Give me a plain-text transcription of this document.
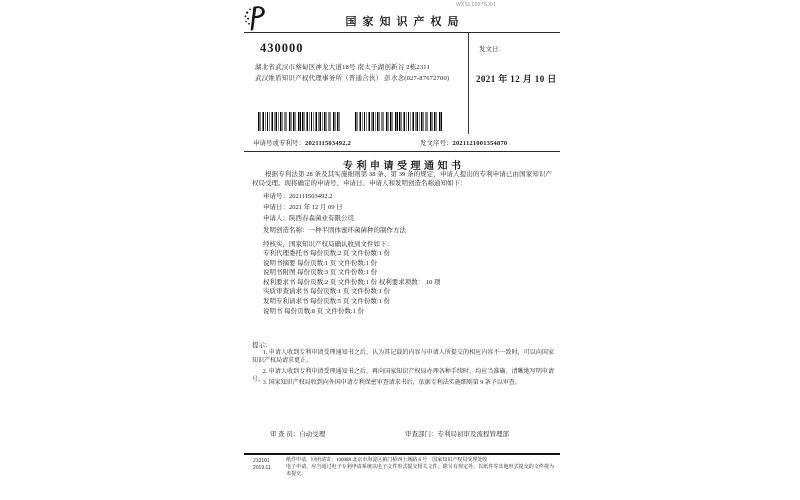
国家知识产权局
WXSL1207SJ01
430000
湖北省武汉市蔡甸区神龙大道18号 南太子湖创新谷 2栋2311
武汉维盾知识产权代理事务所（普通合伙） 彭水念(027-87672700)
发文日：
2021 年 12 月 10 日
申请号或专利号：202111503492.2	发文序号：2021121001354870
专利申请受理通知书
根据专利法第 28 条及其实施细则第 38 条、第 39 条的规定，申请人提出的专利申请已由国家知识产权局受理。现将确定的申请号、申请日、申请人和发明创造名称通知如下：
申请号：202111503492.2
申请日：2021 年 12 月 09 日
申请人：陕西春森菌业有限公司
发明创造名称：一种半固体蜜环菌菌种的制作方法
经核实，国家知识产权局确认收到文件如下：
专利代理委托书 每份页数:2 页 文件份数:1 份
说明书摘要 每份页数:1 页 文件份数:1 份
说明书附图 每份页数:3 页 文件份数:1 份
权利要求书 每份页数:2 页 文件份数:1 份 权利要求项数： 10 项
实质审查请求书 每份页数:1 页 文件份数:1 份
发明专利请求书 每份页数:5 页 文件份数:1 份
说明书 每份页数:8 页 文件份数:1 份
提示：
1. 申请人收到专利申请受理通知书之后，认为其记载的内容与申请人所提交的相应内容不一致时，可以向国家知识产权局请求更正。
2. 申请人收到专利申请受理通知书之后，再向国家知识产权局办理各种手续时，均应当准确、清晰地写明申请号。
3. 国家知识产权局收到向外国申请专利保密审查请求书后，依据专利法实施细则第 9 条予以审查。
审 查 员：自动受理	审查部门：专利局初审及流程管理部
210101	纸件申请，回函请寄：100088 北京市海淀区蓟门桥西土城路 6 号　国家知识产权局受理处收
2019.11	电子申请，应当通过电子专利申请系统以电子文件形式提交相关文件。除另有规定外，以纸件等其他形式提交的文件视为未提交。
